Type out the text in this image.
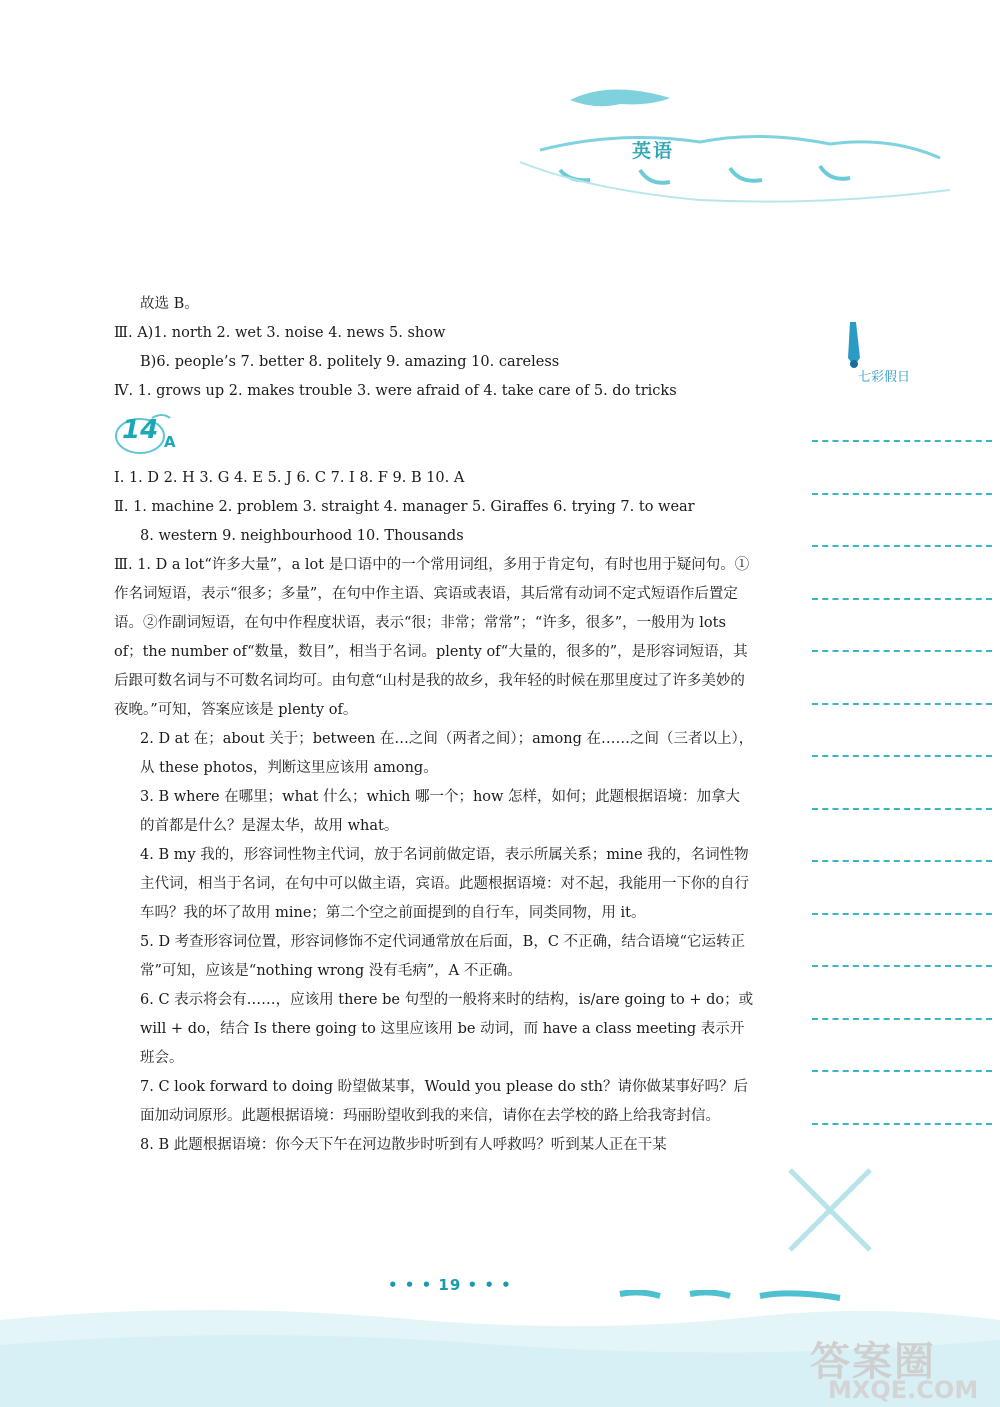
英语
七彩假日
故选 B。
Ⅲ. A)1. north 2. wet 3. noise 4. news 5. show
B)6. people’s 7. better 8. politely 9. amazing 10. careless
Ⅳ. 1. grows up 2. makes trouble 3. were afraid of 4. take care of 5. do tricks
14 A
Ⅰ. 1. D 2. H 3. G 4. E 5. J 6. C 7. I 8. F 9. B 10. A
Ⅱ. 1. machine 2. problem 3. straight 4. manager 5. Giraffes 6. trying 7. to wear
8. western 9. neighbourhood 10. Thousands

Ⅲ. 1. D a lot“许多大量”，a lot 是口语中的一个常用词组，多用于肯定句，有时也用于疑问句。①作名词短语，表示“很多；多量”，在句中作主语、宾语或表语，其后常有动词不定式短语作后置定语。②作副词短语，在句中作程度状语，表示“很；非常；常常”；“许多，很多”，一般用为 lots of；the number of“数量，数目”，相当于名词。plenty of“大量的，很多的”，是形容词短语，其后跟可数名词与不可数名词均可。由句意“山村是我的故乡，我年轻的时候在那里度过了许多美妙的夜晚。”可知，答案应该是 plenty of。

2. D at 在；about 关于；between 在…之间（两者之间）；among 在……之间（三者以上），从 these photos，判断这里应该用 among。

3. B where 在哪里；what 什么；which 哪一个；how 怎样，如何；此题根据语境：加拿大的首都是什么？是渥太华，故用 what。

4. B my 我的，形容词性物主代词，放于名词前做定语，表示所属关系；mine 我的，名词性物主代词，相当于名词，在句中可以做主语，宾语。此题根据语境：对不起，我能用一下你的自行车吗？我的坏了故用 mine；第二个空之前面提到的自行车，同类同物，用 it。

5. D 考查形容词位置，形容词修饰不定代词通常放在后面，B，C 不正确，结合语境“它运转正常”可知，应该是“nothing wrong 没有毛病”，A 不正确。

6. C 表示将会有……，应该用 there be 句型的一般将来时的结构，is/are going to + do；或 will + do，结合 Is there going to 这里应该用 be 动词，而 have a class meeting 表示开班会。

7. C look forward to doing 盼望做某事，Would you please do sth？请你做某事好吗？后面加动词原形。此题根据语境：玛丽盼望收到我的来信，请你在去学校的路上给我寄封信。

8. B 此题根据语境：你今天下午在河边散步时听到有人呼救吗？听到某人正在干某

• • • 19 • • •
答案圈
MXQE.COM
